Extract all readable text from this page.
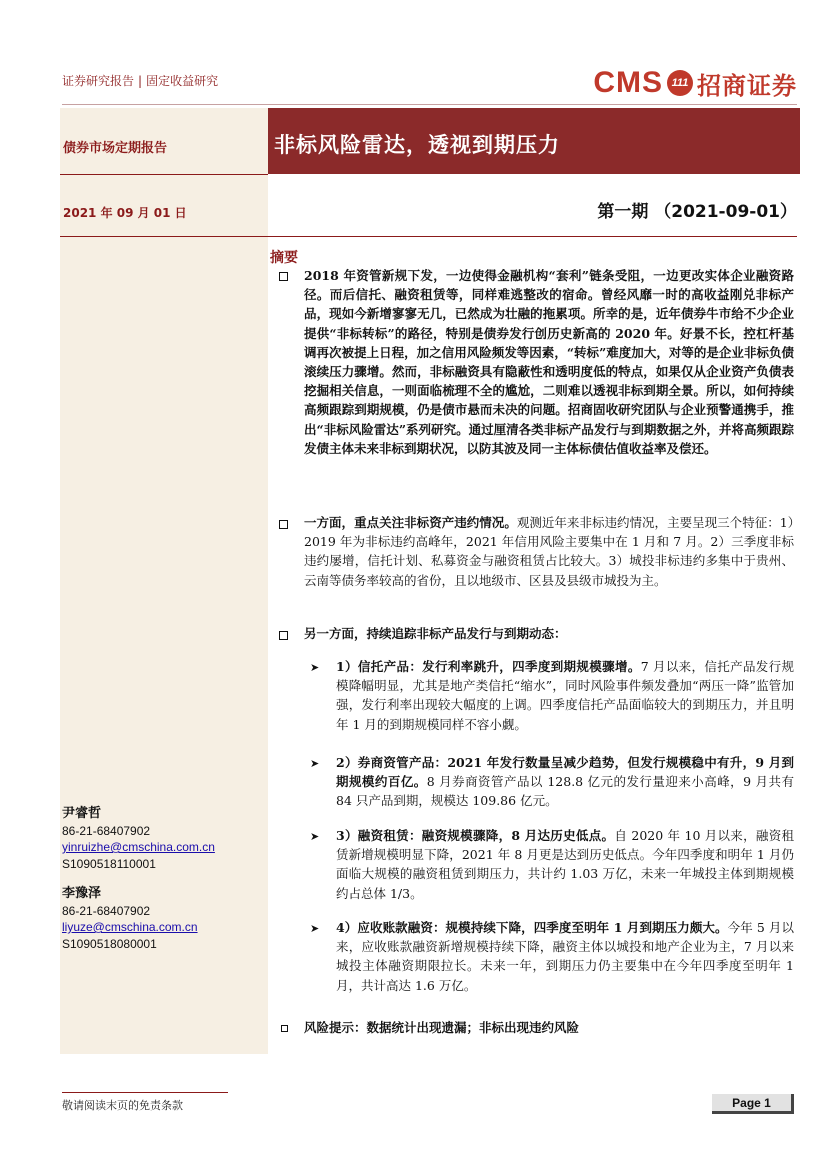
证券研究报告 | 固定收益研究	CMS 111 招商证券
债券市场定期报告
2021 年 09 月 01 日
非标风险雷达，透视到期压力
第一期 （2021-09-01）
摘要
2018 年资管新规下发，一边使得金融机构“套利”链条受阻，一边更改实体企业融资路径。而后信托、融资租赁等，同样难逃整改的宿命。曾经风靡一时的高收益刚兑非标产品，现如今新增寥寥无几，已然成为壮融的拖累项。所幸的是，近年债券牛市给不少企业提供“非标转标”的路径，特别是债券发行创历史新高的 2020 年。好景不长，控杠杆基调再次被提上日程，加之信用风险频发等因素，“转标”难度加大，对等的是企业非标负债滚续压力骤增。然而，非标融资具有隐蔽性和透明度低的特点，如果仅从企业资产负债表挖掘相关信息，一则面临梳理不全的尴尬，二则难以透视非标到期全景。所以，如何持续高频跟踪到期规模，仍是债市悬而未决的问题。招商固收研究团队与企业预警通携手，推出“非标风险雷达”系列研究。通过厘清各类非标产品发行与到期数据之外，并将高频跟踪发债主体未来非标到期状况，以防其波及同一主体标债估值收益率及偿还。
一方面，重点关注非标资产违约情况。观测近年来非标违约情况，主要呈现三个特征：1）2019 年为非标违约高峰年，2021 年信用风险主要集中在 1 月和 7 月。2）三季度非标违约屡增，信托计划、私募资金与融资租赁占比较大。3）城投非标违约多集中于贵州、云南等债务率较高的省份，且以地级市、区县及县级市城投为主。
另一方面，持续追踪非标产品发行与到期动态：
➤ 1）信托产品：发行利率跳升，四季度到期规模骤增。7 月以来，信托产品发行规模降幅明显，尤其是地产类信托“缩水”，同时风险事件频发叠加“两压一降”监管加强，发行利率出现较大幅度的上调。四季度信托产品面临较大的到期压力，并且明年 1 月的到期规模同样不容小觑。
➤ 2）券商资管产品：2021 年发行数量呈减少趋势，但发行规模稳中有升，9 月到期规模约百亿。8 月券商资管产品以 128.8 亿元的发行量迎来小高峰，9 月共有 84 只产品到期，规模达 109.86 亿元。
➤ 3）融资租赁：融资规模骤降，8 月达历史低点。自 2020 年 10 月以来，融资租赁新增规模明显下降，2021 年 8 月更是达到历史低点。今年四季度和明年 1 月仍面临大规模的融资租赁到期压力，共计约 1.03 万亿，未来一年城投主体到期规模约占总体 1/3。
➤ 4）应收账款融资：规模持续下降，四季度至明年 1 月到期压力颇大。今年 5 月以来，应收账款融资新增规模持续下降，融资主体以城投和地产企业为主，7 月以来城投主体融资期限拉长。未来一年，到期压力仍主要集中在今年四季度至明年 1 月，共计高达 1.6 万亿。
风险提示：数据统计出现遗漏；非标出现违约风险
尹睿哲
86-21-68407902
yinruizhe@cmschina.com.cn
S1090518110001
李豫泽
86-21-68407902
liyuze@cmschina.com.cn
S1090518080001
敬请阅读末页的免责条款	Page 1
